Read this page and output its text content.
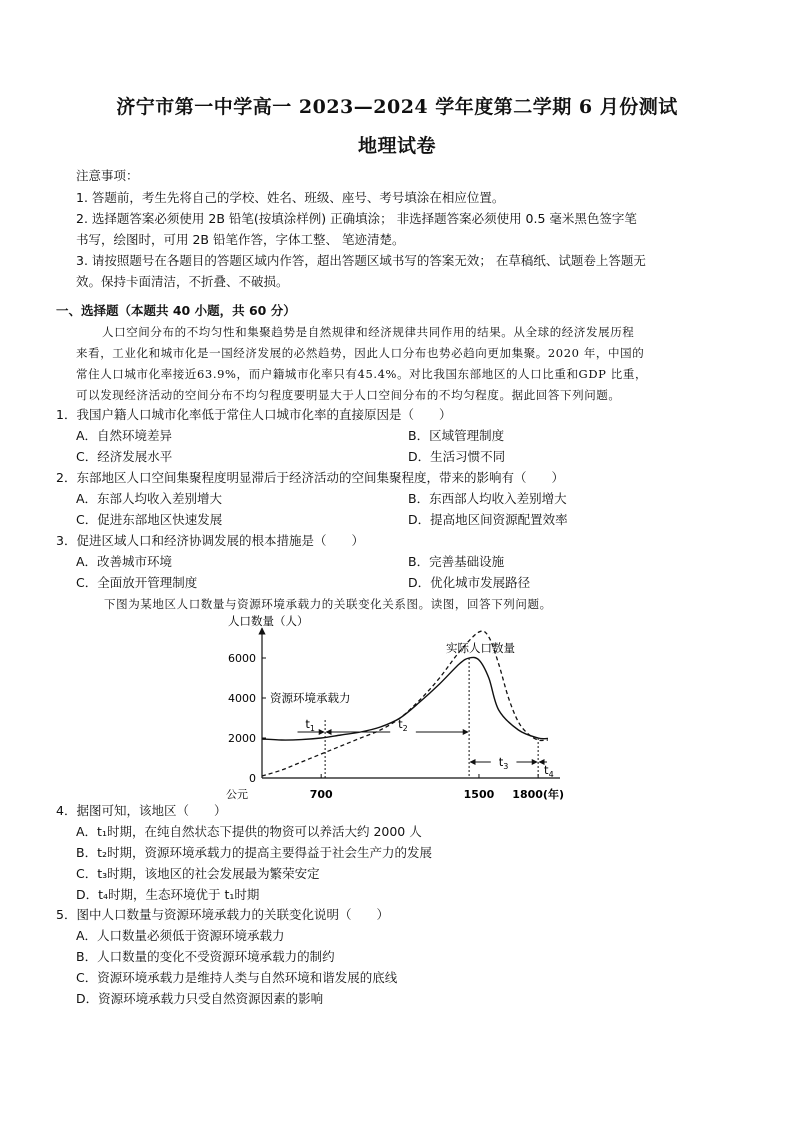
济宁市第一中学高一 2023—2024 学年度第二学期 6 月份测试
地理试卷
注意事项：
1. 答题前，考生先将自己的学校、姓名、班级、座号、考号填涂在相应位置。
2. 选择题答案必须使用 2B 铅笔(按填涂样例) 正确填涂； 非选择题答案必须使用 0.5 毫米黑色签字笔
书写，绘图时，可用 2B 铅笔作答，字体工整、 笔迹清楚。
3. 请按照题号在各题目的答题区域内作答，超出答题区域书写的答案无效； 在草稿纸、试题卷上答题无
效。保持卡面清洁，不折叠、不破损。
一、选择题（本题共 40 小题，共 60 分）
人口空间分布的不均匀性和集聚趋势是自然规律和经济规律共同作用的结果。从全球的经济发展历程
来看，工业化和城市化是一国经济发展的必然趋势，因此人口分布也势必趋向更加集聚。2020 年，中国的
常住人口城市化率接近63.9%，而户籍城市化率只有45.4%。对比我国东部地区的人口比重和GDP 比重，
可以发现经济活动的空间分布不均匀程度要明显大于人口空间分布的不均匀程度。据此回答下列问题。
1．我国户籍人口城市化率低于常住人口城市化率的直接原因是（　　）
A．自然环境差异	B．区域管理制度
C．经济发展水平	D．生活习惯不同
2．东部地区人口空间集聚程度明显滞后于经济活动的空间集聚程度，带来的影响有（　　）
A．东部人均收入差别增大	B．东西部人均收入差别增大
C．促进东部地区快速发展	D．提高地区间资源配置效率
3．促进区域人口和经济协调发展的根本措施是（　　）
A．改善城市环境	B．完善基础设施
C．全面放开管理制度	D．优化城市发展路径
下图为某地区人口数量与资源环境承载力的关联变化关系图。读图，回答下列问题。
人口数量（人）
公元
0
2000
4000
6000
700	1500 1800(年)
资源环境承载力
实际人口数量
$t_1$	$t_2$
$t_3$	$t_4$
4．据图可知，该地区（　　）
A．t₁时期，在纯自然状态下提供的物资可以养活大约 2000 人
B．t₂时期，资源环境承载力的提高主要得益于社会生产力的发展
C．t₃时期，该地区的社会发展最为繁荣安定
D．t₄时期，生态环境优于 t₁时期
5．图中人口数量与资源环境承载力的关联变化说明（　　）
A．人口数量必须低于资源环境承载力
B．人口数量的变化不受资源环境承载力的制约
C．资源环境承载力是维持人类与自然环境和谐发展的底线
D．资源环境承载力只受自然资源因素的影响
